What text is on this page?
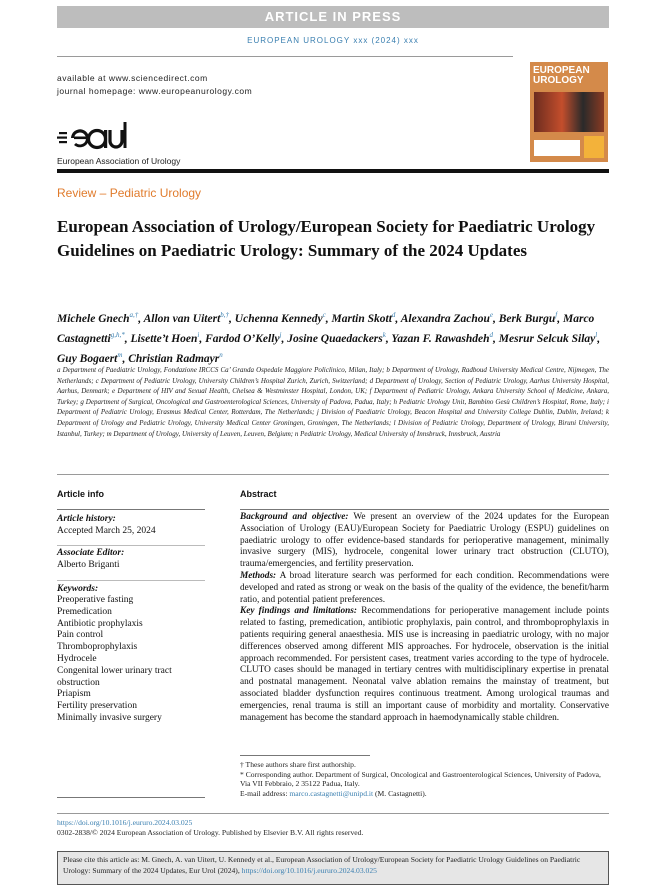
ARTICLE IN PRESS
EUROPEAN UROLOGY xxx (2024) xxx
available at www.sciencedirect.com
journal homepage: www.europeanurology.com
European Association of Urology
EUROPEAN
UROLOGY
Review – Pediatric Urology
European Association of Urology/European Society for Paediatric Urology Guidelines on Paediatric Urology: Summary of the 2024 Updates
Michele Gnech$^{a,\dagger}$, Allon van Uitert$^{b,\dagger}$, Uchenna Kennedy$^c$, Martin Skott$^d$, Alexandra Zachou$^e$, Berk Burgu$^f$, Marco Castagnetti$^{g,h,*}$, Lisette’t Hoen$^i$, Fardod O’Kelly$^j$, Josine Quaedackers$^k$, Yazan F. Rawashdeh$^d$, Mesrur Selcuk Silay$^l$, Guy Bogaert$^m$, Christian Radmayr$^n$
a Department of Paediatric Urology, Fondazione IRCCS Ca’ Granda Ospedale Maggiore Policlinico, Milan, Italy; b Department of Urology, Radboud University Medical Centre, Nijmegen, The Netherlands; c Department of Pediatric Urology, University Children’s Hospital Zurich, Zurich, Switzerland; d Department of Urology, Section of Pediatric Urology, Aarhus University Hospital, Aarhus, Denmark; e Department of HIV and Sexual Health, Chelsea & Westminster Hospital, London, UK; f Department of Pediatric Urology, Ankara University School of Medicine, Ankara, Turkey; g Department of Surgical, Oncological and Gastroenterological Sciences, University of Padova, Padua, Italy; h Pediatric Urology Unit, Bambino Gesù Children’s Hospital, Rome, Italy; i Department of Pediatric Urology, Erasmus Medical Center, Rotterdam, The Netherlands; j Division of Paediatric Urology, Beacon Hospital and University College Dublin, Dublin, Ireland; k Department of Urology and Pediatric Urology, University Medical Center Groningen, Groningen, The Netherlands; l Division of Pediatric Urology, Department of Urology, Biruni University, Istanbul, Turkey; m Department of Urology, University of Leuven, Leuven, Belgium; n Pediatric Urology, Medical University of Innsbruck, Innsbruck, Austria
Article info	Abstract
Article history:
Accepted March 25, 2024
Associate Editor:
Alberto Briganti
Keywords:
Preoperative fasting
Premedication
Antibiotic prophylaxis
Pain control
Thromboprophylaxis
Hydrocele
Congenital lower urinary tract obstruction
Priapism
Fertility preservation
Minimally invasive surgery

Background and objective: We present an overview of the 2024 updates for the European Association of Urology (EAU)/European Society for Paediatric Urology (ESPU) guidelines on paediatric urology to offer evidence-based standards for perioperative management, minimally invasive surgery (MIS), hydrocele, congenital lower urinary tract obstruction (CLUTO), trauma/emergencies, and fertility preservation.

Methods: A broad literature search was performed for each condition. Recommendations were developed and rated as strong or weak on the basis of the quality of the evidence, the benefit/harm ratio, and potential patient preferences.

Key findings and limitations: Recommendations for perioperative management include points related to fasting, premedication, antibiotic prophylaxis, pain control, and thromboprophylaxis in patients requiring general anaesthesia. MIS use is increasing in paediatric urology, with no major differences observed among different MIS approaches. For hydrocele, observation is the initial approach recommended. For persistent cases, treatment varies according to the type of hydrocele. CLUTO cases should be managed in tertiary centres with multidisciplinary expertise in prenatal and postnatal management. Neonatal valve ablation remains the mainstay of treatment, but associated bladder dysfunction requires continuous treatment. Among urological traumas and emergencies, renal trauma is still an important cause of morbidity and mortality. Conservative management has become the standard approach in haemodynamically stable children.

† These authors share first authorship.
* Corresponding author. Department of Surgical, Oncological and Gastroenterological Sciences, University of Padova, Via VII Febbraio, 2 35122 Padua, Italy.
E-mail address: marco.castagnetti@unipd.it (M. Castagnetti).
https://doi.org/10.1016/j.eururo.2024.03.025
0302-2838/© 2024 European Association of Urology. Published by Elsevier B.V. All rights reserved.
Please cite this article as: M. Gnech, A. van Uitert, U. Kennedy et al., European Association of Urology/European Society for Paediatric Urology Guidelines on Paediatric Urology: Summary of the 2024 Updates, Eur Urol (2024), https://doi.org/10.1016/j.eururo.2024.03.025
